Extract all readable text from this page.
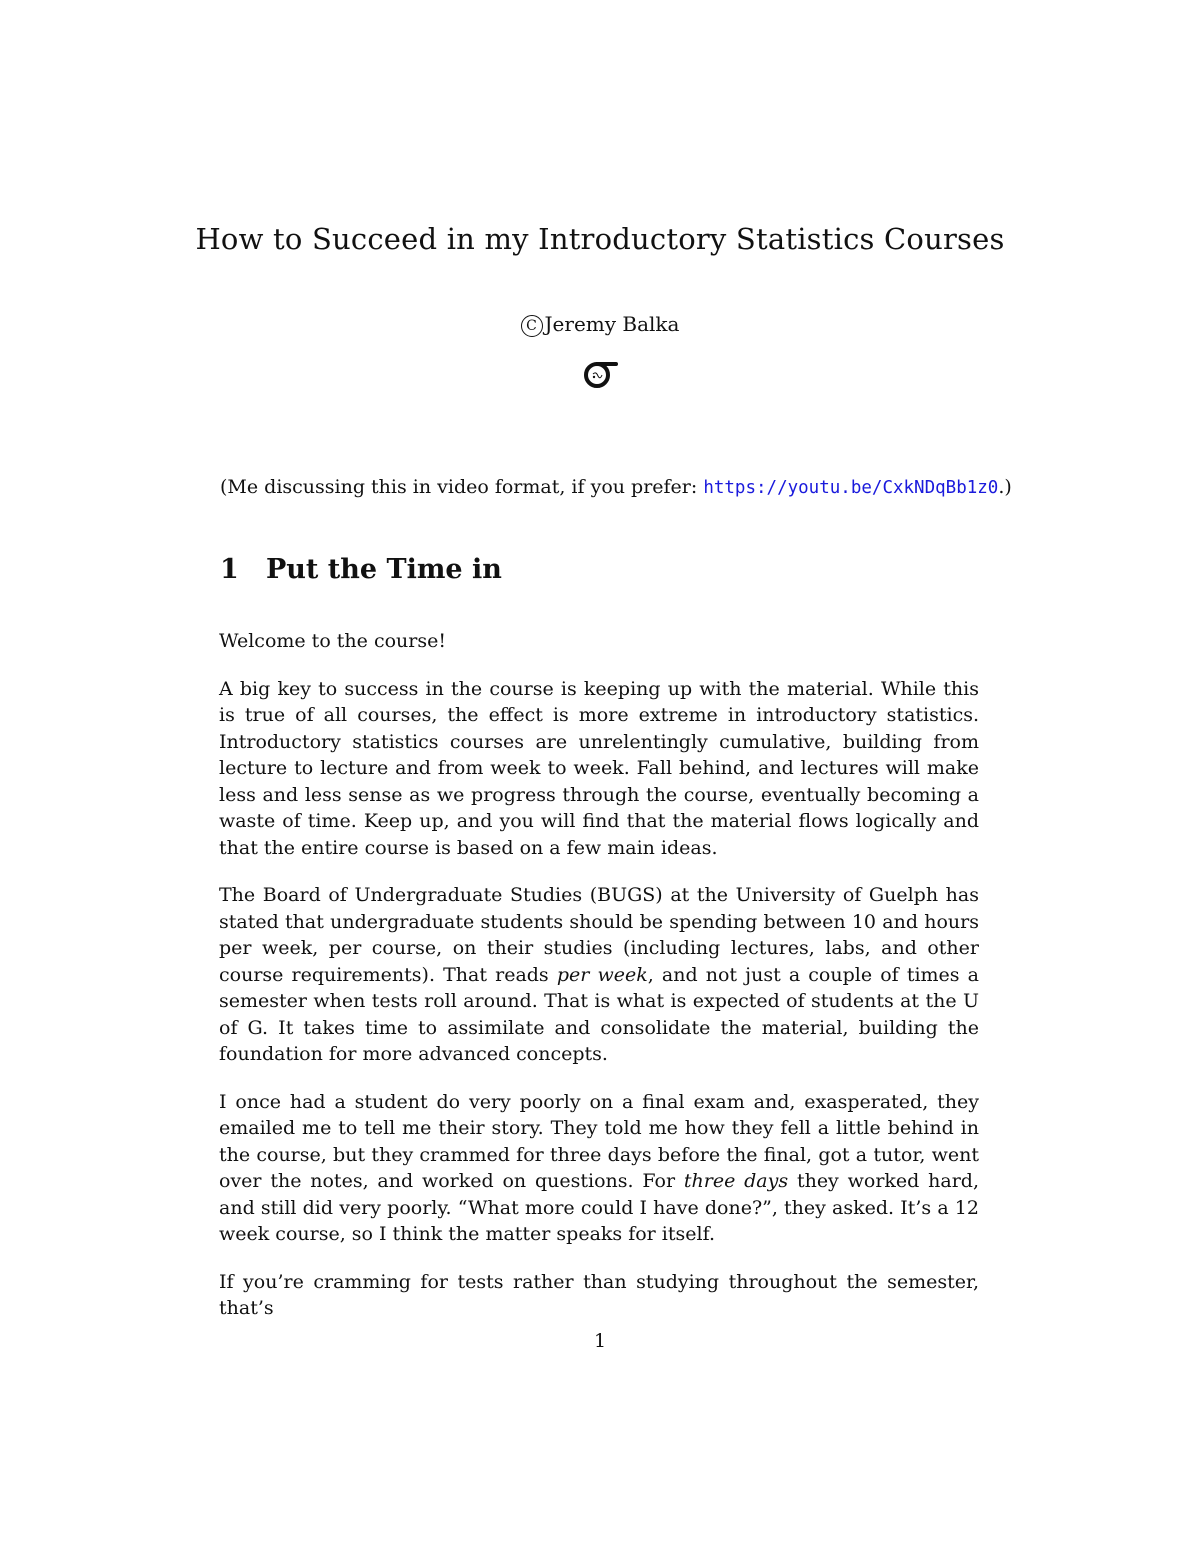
How to Succeed in my Introductory Statistics Courses
C Jeremy Balka
(Me discussing this in video format, if you prefer: https://youtu.be/CxkNDqBb1z0.)
1 Put the Time in

Welcome to the course!

A big key to success in the course is keeping up with the material. While this is true of all courses, the effect is more extreme in introductory statistics. Introductory statistics courses are unrelentingly cumulative, building from lecture to lecture and from week to week. Fall behind, and lectures will make less and less sense as we progress through the course, eventually becoming a waste of time. Keep up, and you will find that the material flows logically and that the entire course is based on a few main ideas.

The Board of Undergraduate Studies (BUGS) at the University of Guelph has stated that undergraduate students should be spending between 10 and hours per week, per course, on their studies (including lectures, labs, and other course requirements). That reads per week, and not just a couple of times a semester when tests roll around. That is what is expected of students at the U of G. It takes time to assimilate and consolidate the material, building the foundation for more advanced concepts.

I once had a student do very poorly on a final exam and, exasperated, they emailed me to tell me their story. They told me how they fell a little behind in the course, but they crammed for three days before the final, got a tutor, went over the notes, and worked on questions. For three days they worked hard, and still did very poorly. “What more could I have done?”, they asked. It’s a 12 week course, so I think the matter speaks for itself.

If you’re cramming for tests rather than studying throughout the semester, that’s

1
